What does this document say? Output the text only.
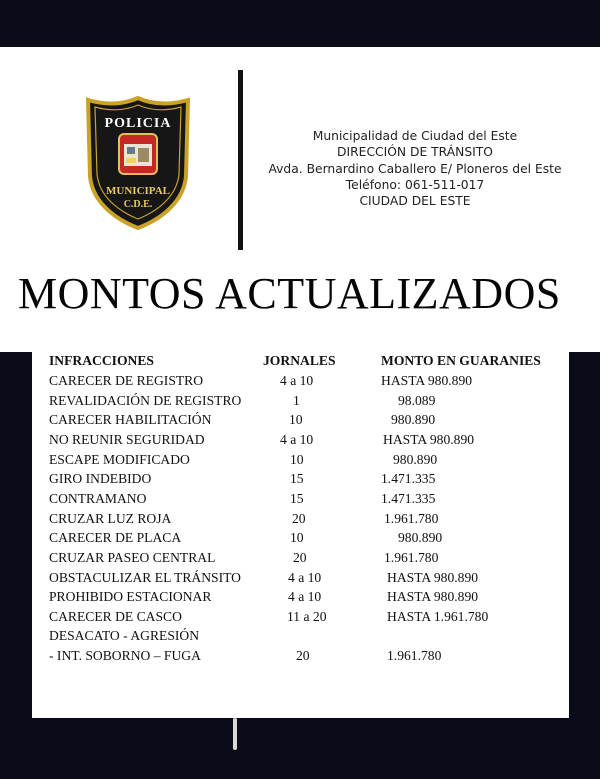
POLICIA
MUNICIPAL
C.D.E.
Municipalidad de Ciudad del Este
DIRECCIÓN DE TRÁNSITO
Avda. Bernardino Caballero E/ Ploneros del Este
Teléfono: 061-511-017
CIUDAD DEL ESTE
MONTOS ACTUALIZADOS
INFRACCIONES	JORNALES	MONTO EN GUARANIES
CARECER DE REGISTRO	4 a 10	HASTA 980.890
REVALIDACIÓN DE REGISTRO	1	98.089
CARECER HABILITACIÓN	10	980.890
NO REUNIR SEGURIDAD	4 a 10	HASTA 980.890
ESCAPE MODIFICADO	10	980.890
GIRO INDEBIDO	15	1.471.335
CONTRAMANO	15	1.471.335
CRUZAR LUZ ROJA	20	1.961.780
CARECER DE PLACA	10	980.890
CRUZAR PASEO CENTRAL	20	1.961.780
OBSTACULIZAR EL TRÁNSITO	4 a 10	HASTA 980.890
PROHIBIDO ESTACIONAR	4 a 10	HASTA 980.890
CARECER DE CASCO	11 a 20	HASTA 1.961.780
DESACATO - AGRESIÓN
- INT. SOBORNO – FUGA	20	1.961.780
